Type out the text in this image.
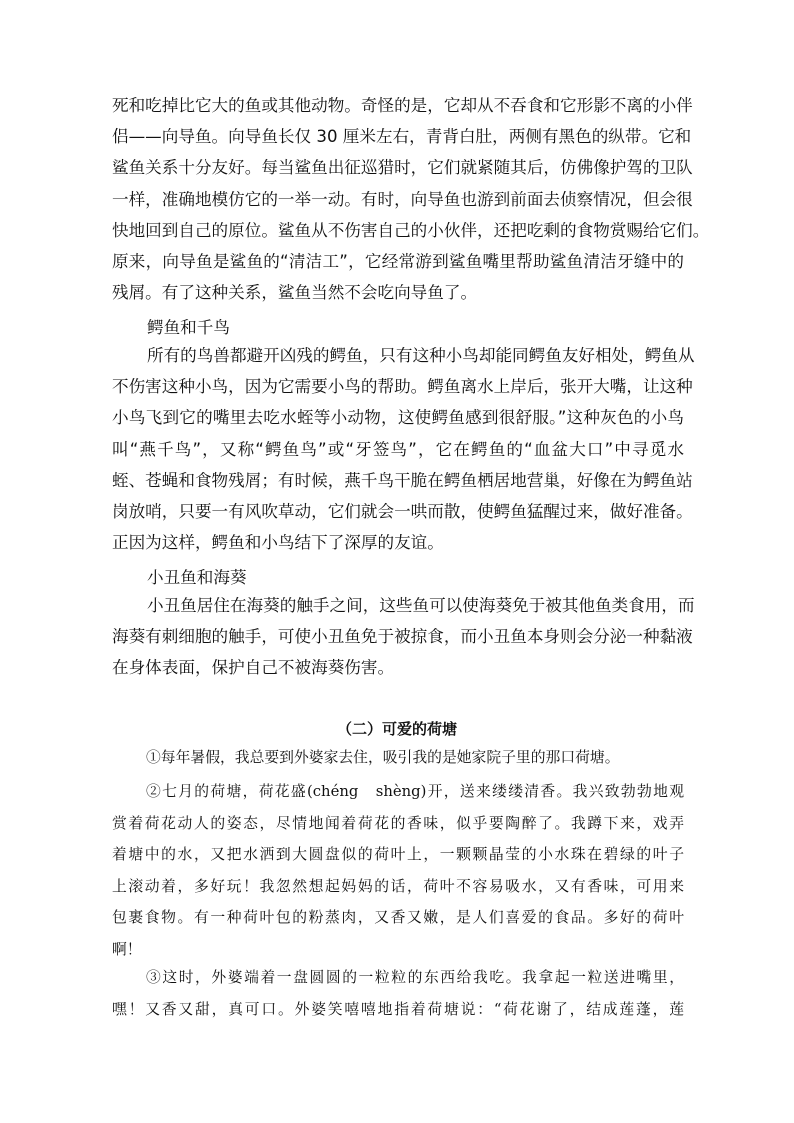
死和吃掉比它大的鱼或其他动物。奇怪的是，它却从不吞食和它形影不离的小伴
侣——向导鱼。向导鱼长仅 30 厘米左右，青背白肚，两侧有黑色的纵带。它和
鲨鱼关系十分友好。每当鲨鱼出征巡猎时，它们就紧随其后，仿佛像护驾的卫队
一样，准确地模仿它的一举一动。有时，向导鱼也游到前面去侦察情况，但会很
快地回到自己的原位。鲨鱼从不伤害自己的小伙伴，还把吃剩的食物赏赐给它们。
原来，向导鱼是鲨鱼的“清洁工”，它经常游到鲨鱼嘴里帮助鲨鱼清洁牙缝中的
残屑。有了这种关系，鲨鱼当然不会吃向导鱼了。

鳄鱼和千鸟

所有的鸟兽都避开凶残的鳄鱼，只有这种小鸟却能同鳄鱼友好相处，鳄鱼从
不伤害这种小鸟，因为它需要小鸟的帮助。鳄鱼离水上岸后，张开大嘴，让这种
小鸟飞到它的嘴里去吃水蛭等小动物，这使鳄鱼感到很舒服。”这种灰色的小鸟
叫“燕千鸟”，又称“鳄鱼鸟”或“牙签鸟”，它在鳄鱼的“血盆大口”中寻觅水
蛭、苍蝇和食物残屑；有时候，燕千鸟干脆在鳄鱼栖居地营巢，好像在为鳄鱼站
岗放哨，只要一有风吹草动，它们就会一哄而散，使鳄鱼猛醒过来，做好准备。
正因为这样，鳄鱼和小鸟结下了深厚的友谊。

小丑鱼和海葵

小丑鱼居住在海葵的触手之间，这些鱼可以使海葵免于被其他鱼类食用，而
海葵有刺细胞的触手，可使小丑鱼免于被掠食，而小丑鱼本身则会分泌一种黏液
在身体表面，保护自己不被海葵伤害。

（二）可爱的荷塘

①每年暑假，我总要到外婆家去住，吸引我的是她家院子里的那口荷塘。
②七月的荷塘，荷花盛(chéng　shèng)开，送来缕缕清香。我兴致勃勃地观
赏着荷花动人的姿态，尽情地闻着荷花的香味，似乎要陶醉了。我蹲下来，戏弄
着塘中的水，又把水洒到大圆盘似的荷叶上，一颗颗晶莹的小水珠在碧绿的叶子
上滚动着，多好玩！我忽然想起妈妈的话，荷叶不容易吸水，又有香味，可用来
包裹食物。有一种荷叶包的粉蒸肉，又香又嫩，是人们喜爱的食品。多好的荷叶
啊！
③这时，外婆端着一盘圆圆的一粒粒的东西给我吃。我拿起一粒送进嘴里，
嘿！又香又甜，真可口。外婆笑嘻嘻地指着荷塘说：“荷花谢了，结成莲蓬，莲
